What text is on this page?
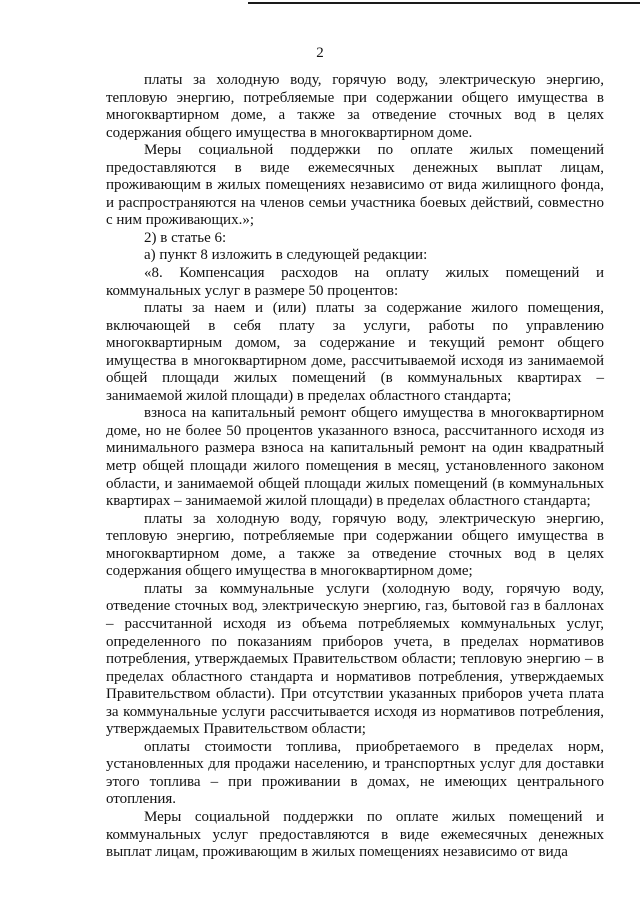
2

платы за холодную воду, горячую воду, электрическую энергию, тепловую энергию, потребляемые при содержании общего имущества в многоквартирном доме, а также за отведение сточных вод в целях содержания общего имущества в многоквартирном доме.

Меры социальной поддержки по оплате жилых помещений предоставляются в виде ежемесячных денежных выплат лицам, проживающим в жилых помещениях независимо от вида жилищного фонда, и распространяются на членов семьи участника боевых действий, совместно с ним проживающих.»;

2) в статье 6:

а) пункт 8 изложить в следующей редакции:

«8. Компенсация расходов на оплату жилых помещений и коммунальных услуг в размере 50 процентов:

платы за наем и (или) платы за содержание жилого помещения, включающей в себя плату за услуги, работы по управлению многоквартирным домом, за содержание и текущий ремонт общего имущества в многоквартирном доме, рассчитываемой исходя из занимаемой общей площади жилых помещений (в коммунальных квартирах – занимаемой жилой площади) в пределах областного стандарта;

взноса на капитальный ремонт общего имущества в многоквартирном доме, но не более 50 процентов указанного взноса, рассчитанного исходя из минимального размера взноса на капитальный ремонт на один квадратный метр общей площади жилого помещения в месяц, установленного законом области, и занимаемой общей площади жилых помещений (в коммунальных квартирах – занимаемой жилой площади) в пределах областного стандарта;

платы за холодную воду, горячую воду, электрическую энергию, тепловую энергию, потребляемые при содержании общего имущества в многоквартирном доме, а также за отведение сточных вод в целях содержания общего имущества в многоквартирном доме;

платы за коммунальные услуги (холодную воду, горячую воду, отведение сточных вод, электрическую энергию, газ, бытовой газ в баллонах – рассчитанной исходя из объема потребляемых коммунальных услуг, определенного по показаниям приборов учета, в пределах нормативов потребления, утверждаемых Правительством области; тепловую энергию – в пределах областного стандарта и нормативов потребления, утверждаемых Правительством области). При отсутствии указанных приборов учета плата за коммунальные услуги рассчитывается исходя из нормативов потребления, утверждаемых Правительством области;

оплаты стоимости топлива, приобретаемого в пределах норм, установленных для продажи населению, и транспортных услуг для доставки этого топлива – при проживании в домах, не имеющих центрального отопления.

Меры социальной поддержки по оплате жилых помещений и коммунальных услуг предоставляются в виде ежемесячных денежных выплат лицам, проживающим в жилых помещениях независимо от вида
